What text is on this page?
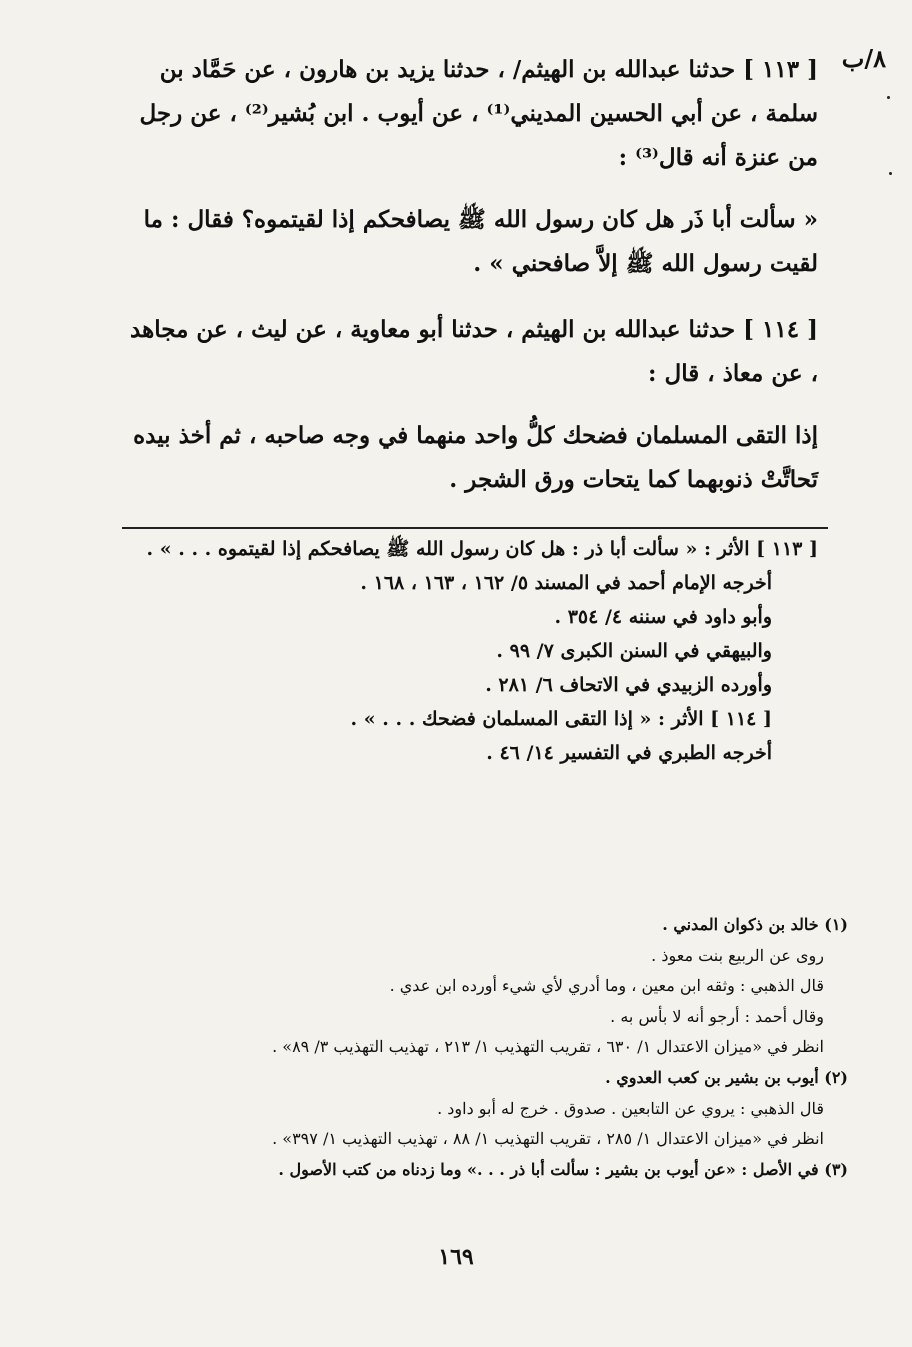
٨/ب

[ ١١٣ ] حدثنا عبدالله بن الهيثم/ ، حدثنا يزيد بن هارون ، عن حَمَّاد بن سلمة ، عن أبي الحسين المديني⁽¹⁾ ، عن أيوب . ابن بُشير⁽²⁾ ، عن رجل من عنزة أنه قال⁽³⁾ :

« سألت أبا ذَر هل كان رسول الله ﷺ يصافحكم إذا لقيتموه؟ فقال : ما لقيت رسول الله ﷺ إلاَّ صافحني » .

[ ١١٤ ] حدثنا عبدالله بن الهيثم ، حدثنا أبو معاوية ، عن ليث ، عن مجاهد ، عن معاذ ، قال :

إذا التقى المسلمان فضحك كلُّ واحد منهما في وجه صاحبه ، ثم أخذ بيده تَحاتَّتْ ذنوبهما كما يتحات ورق الشجر .

[ ١١٣ ] الأثر : « سألت أبا ذر : هل كان رسول الله ﷺ يصافحكم إذا لقيتموه . . . » .

أخرجه الإمام أحمد في المسند ٥/ ١٦٢ ، ١٦٣ ، ١٦٨ .

وأبو داود في سننه ٤/ ٣٥٤ .

والبيهقي في السنن الكبرى ٧/ ٩٩ .

وأورده الزبيدي في الاتحاف ٦/ ٢٨١ .

[ ١١٤ ] الأثر : « إذا التقى المسلمان فضحك . . . » .

أخرجه الطبري في التفسير ١٤/ ٤٦ .

(١) خالد بن ذكوان المدني .

روى عن الربيع بنت معوذ .

قال الذهبي : وثقه ابن معين ، وما أدري لأي شيء أورده ابن عدي .

وقال أحمد : أرجو أنه لا بأس به .

انظر في «ميزان الاعتدال ١/ ٦٣٠ ، تقريب التهذيب ١/ ٢١٣ ، تهذيب التهذيب ٣/ ٨٩» .

(٢) أيوب بن بشير بن كعب العدوي .

قال الذهبي : يروي عن التابعين . صدوق . خرج له أبو داود .

انظر في «ميزان الاعتدال ١/ ٢٨٥ ، تقريب التهذيب ١/ ٨٨ ، تهذيب التهذيب ١/ ٣٩٧» .

(٣) في الأصل : «عن أيوب بن بشير : سألت أبا ذر . . .» وما زدناه من كتب الأصول .

١٦٩
